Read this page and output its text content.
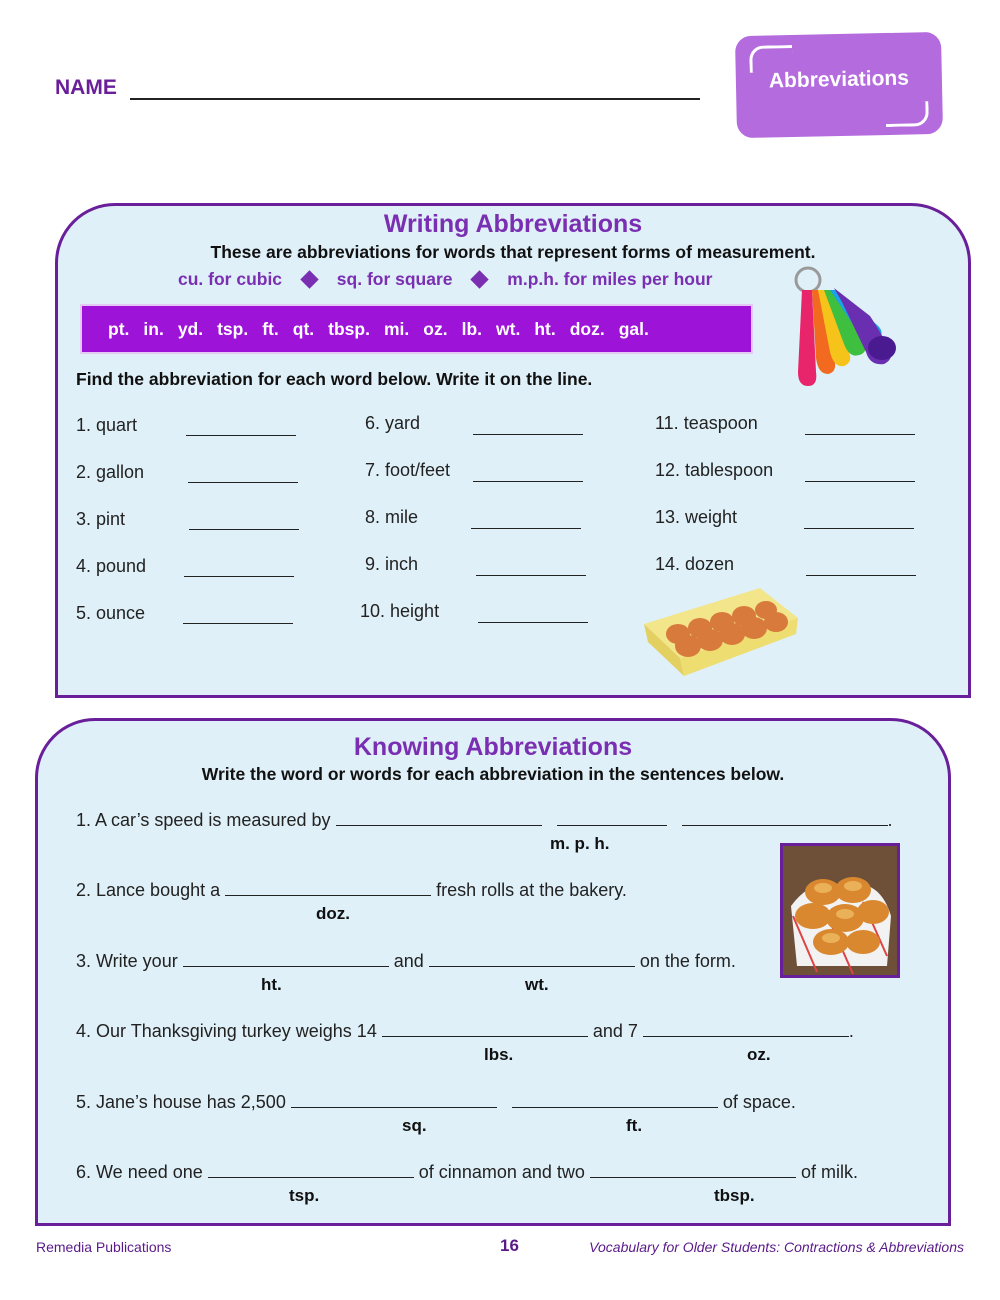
NAME	Abbreviations
Writing Abbreviations
These are abbreviations for words that represent forms of measurement.
cu. for cubic	sq. for square	m.p.h. for miles per hour
pt. in. yd. tsp. ft. qt. tbsp. mi. oz. lb. wt. ht. doz. gal.
Find the abbreviation for each word below. Write it on the line.
1. quart
2. gallon
3. pint
4. pound
5. ounce
6. yard
7. foot/feet
8. mile
9. inch
10. height
11. teaspoon
12. tablespoon
13. weight
14. dozen
Knowing Abbreviations
Write the word or words for each abbreviation in the sentences below.
1. A car’s speed is measured by	.
m. p. h.
2. Lance bought a	fresh rolls at the bakery.
doz.
3. Write your	and	on the form.
ht.	wt.
4. Our Thanksgiving turkey weighs 14	and 7	.
lbs.	oz.
5. Jane’s house has 2,500	of space.
sq.	ft.
6. We need one	of cinnamon and two	of milk.
tsp.	tbsp.
Remedia Publications	16	Vocabulary for Older Students: Contractions & Abbreviations
